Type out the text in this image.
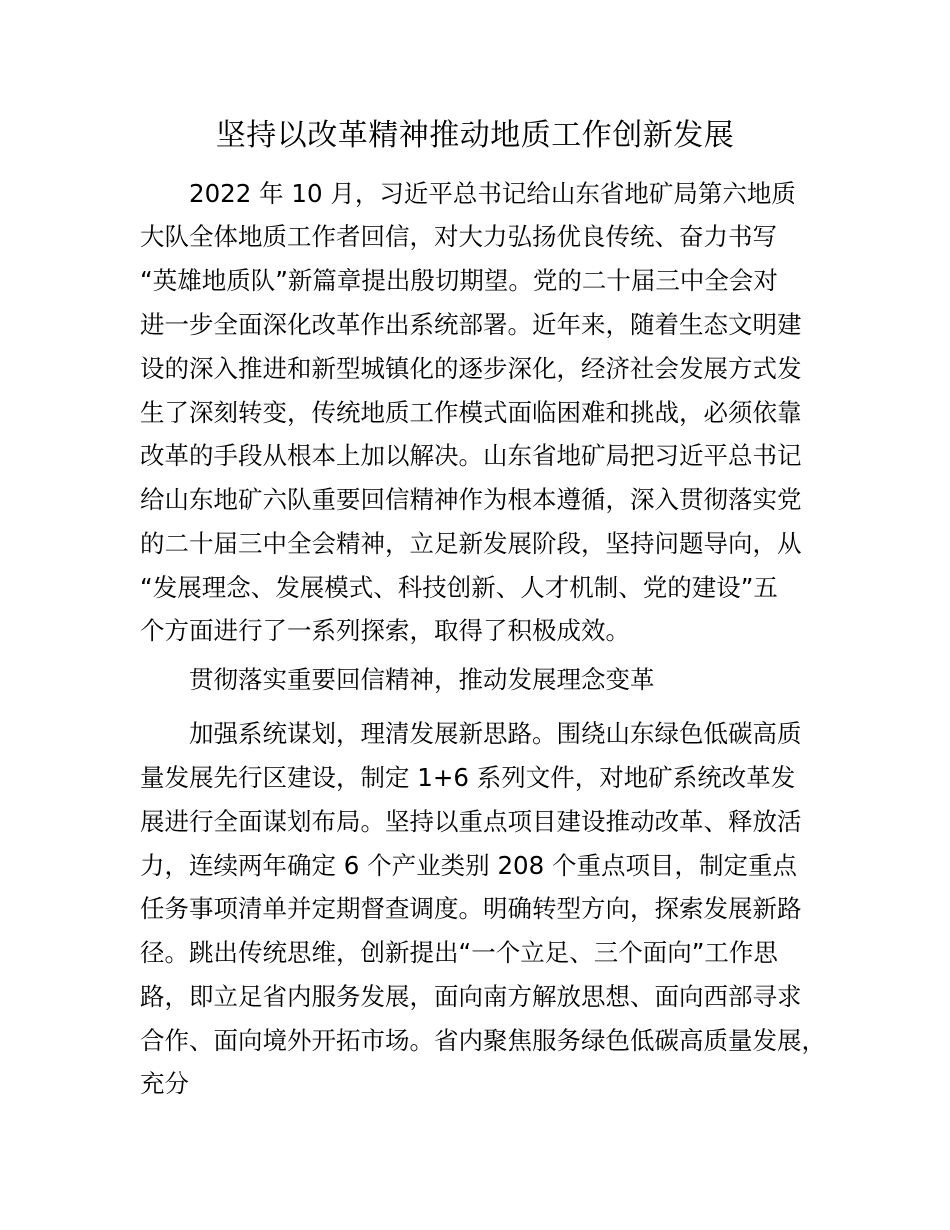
坚持以改革精神推动地质工作创新发展

2022 年 10 月，习近平总书记给山东省地矿局第六地质

大队全体地质工作者回信，对大力弘扬优良传统、奋力书写

“英雄地质队”新篇章提出殷切期望。党的二十届三中全会对

进一步全面深化改革作出系统部署。近年来，随着生态文明建

设的深入推进和新型城镇化的逐步深化，经济社会发展方式发

生了深刻转变，传统地质工作模式面临困难和挑战，必须依靠

改革的手段从根本上加以解决。山东省地矿局把习近平总书记

给山东地矿六队重要回信精神作为根本遵循，深入贯彻落实党

的二十届三中全会精神，立足新发展阶段，坚持问题导向，从

“发展理念、发展模式、科技创新、人才机制、党的建设”五

个方面进行了一系列探索，取得了积极成效。

贯彻落实重要回信精神，推动发展理念变革

加强系统谋划，理清发展新思路。围绕山东绿色低碳高质

量发展先行区建设，制定 1+6 系列文件，对地矿系统改革发

展进行全面谋划布局。坚持以重点项目建设推动改革、释放活

力，连续两年确定 6 个产业类别 208 个重点项目，制定重点

任务事项清单并定期督查调度。明确转型方向，探索发展新路

径。跳出传统思维，创新提出“一个立足、三个面向”工作思

路，即立足省内服务发展，面向南方解放思想、面向西部寻求

合作、面向境外开拓市场。省内聚焦服务绿色低碳高质量发展，

充分
